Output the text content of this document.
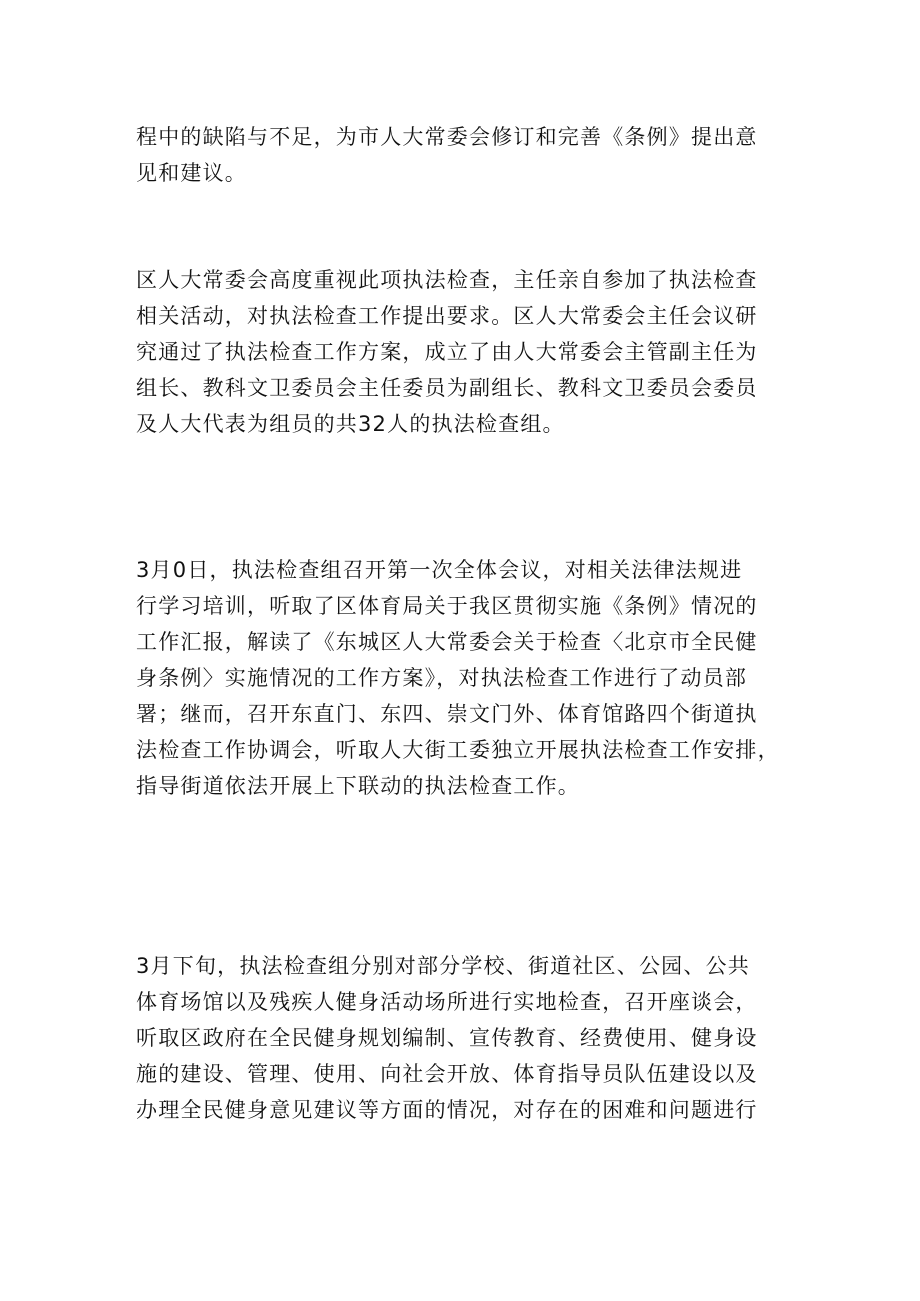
程中的缺陷与不足，为市人大常委会修订和完善《条例》提出意
见和建议。
区人大常委会高度重视此项执法检查，主任亲自参加了执法检查
相关活动，对执法检查工作提出要求。区人大常委会主任会议研
究通过了执法检查工作方案，成立了由人大常委会主管副主任为
组长、教科文卫委员会主任委员为副组长、教科文卫委员会委员
及人大代表为组员的共32人的执法检查组。
3月0日，执法检查组召开第一次全体会议，对相关法律法规进
行学习培训，听取了区体育局关于我区贯彻实施《条例》情况的
工作汇报，解读了《东城区人大常委会关于检查〈北京市全民健
身条例〉实施情况的工作方案》，对执法检查工作进行了动员部
署；继而，召开东直门、东四、崇文门外、体育馆路四个街道执
法检查工作协调会，听取人大街工委独立开展执法检查工作安排，
指导街道依法开展上下联动的执法检查工作。
3月下旬，执法检查组分别对部分学校、街道社区、公园、公共
体育场馆以及残疾人健身活动场所进行实地检查，召开座谈会，
听取区政府在全民健身规划编制、宣传教育、经费使用、健身设
施的建设、管理、使用、向社会开放、体育指导员队伍建设以及
办理全民健身意见建议等方面的情况，对存在的困难和问题进行
